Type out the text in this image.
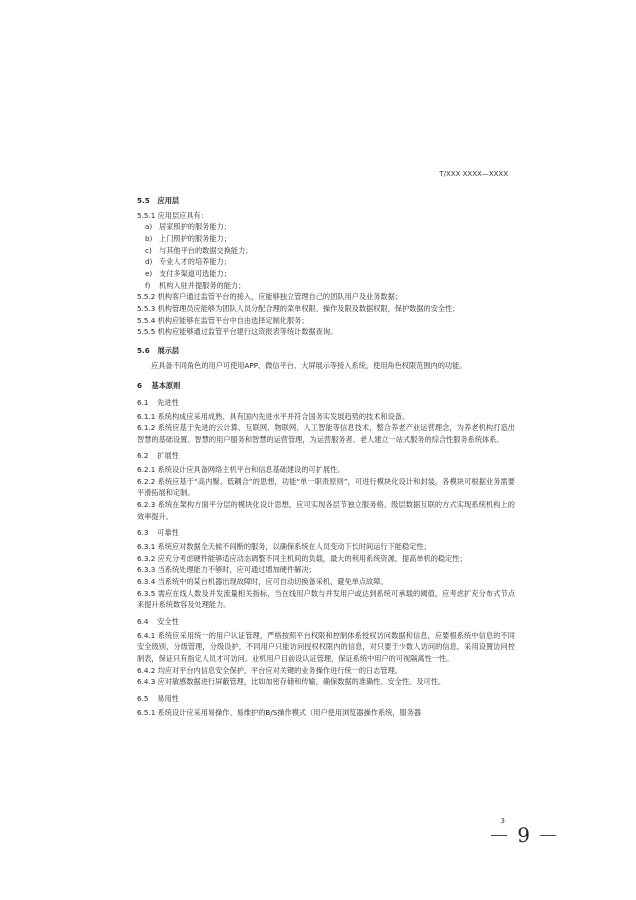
T/XXX XXXX—XXXX
5.5 应用层
5.5.1 应用层应具有：
a) 居家照护的服务能力；
b) 上门照护的服务能力；
c) 与其他平台的数据交换能力；
d) 专业人才的培养能力；
e) 支付多渠道可选能力；
f) 机构入驻并提服务的能力；
5.5.2 机构客户通过监管平台的接入，应能够独立管理自己的团队用户及业务数据；
5.5.3 机构管理员应能够为团队人员分配合理的菜单权限、操作及限及数据权限，保护数据的安全性；
5.5.4 机构应能够在监管平台中自由选择定制化服务；
5.5.5 机构应能够通过监管平台建行这资报表等统计数据查询。
5.6 展示层
应具备不同角色的用户可使用APP、微信平台、大屏展示等接入系统，使用角色权限范围内的功能。
6 基本原则
6.1 先进性
6.1.1 系统构成应采用成熟、具有国内先进水平并符合国务实发展趋势的技术和设备。
6.1.2 系统应基于先进的云计算、互联网、物联网、人工智能等信息技术，整合养老产业运营理念，为养老机构打造出智慧的基础设置、智慧的用户服务和智慧的运营管理，为运营服务者、老人建立一站式服务的综合性服务系统体系。
6.2 扩展性
6.2.1 系统设计应具备网络主机平台和信息基础建设的可扩展性。
6.2.2 系统应基于“高内聚、低耦合”的思想，功能“单一职责原则”，可进行模块化设计和封装，各模块可根据业务需要平滑拓展和定制。
6.2.3 系统在架构方面平分层的模块化设计思想，应可实现各层节独立服务格、级层数据互联的方式实现系统机构上的效率提升。
6.3 可靠性
6.3.1 系统应对数据全天候不间断的服务，以确保系统在人员变动下长时间运行下能稳定性；
6.3.2 应充分考虑硬件能够适应动态调整不同主机间的负载，最大的利用系统资源，提高单机的稳定性；
6.3.3 当系统处理能力不够时，应可通过增加硬件解决；
6.3.4 当系统中的某台机器出现故障时，应可自动切换备采机，避免单点故障。
6.3.5 需应在线人数及并发流量相关指标，当在线用户数与并发用户或达到系统可承载的阈值，应考虑扩充分布式节点来提升系统数容及处理能力。
6.4 安全性
6.4.1 系统应采用统一的用户认证管理，严格按照平台权限和控制体系授权访问数据和信息，应要根系统中信息的不同安全级别，分级管理，分级设护，不同用户只能访问授权权限内的信息，对只要于少数人访问的信息，采用设置访问控制表，保证只有指定人员才可访问。业机用户目前设认证管理，保证系统中用户的可视隔离性一性。
6.4.2 均应对平台内信息安全保护，平台应对关键的业务操作进行统一的日志管理。
6.4.3 应对敏感数据进行屏蔽管理，比如加密存储和传输，确保数据的准确性、安全性、及可性。
6.5 易用性
6.5.1 系统设计应采用易操作、易维护的B/S操作模式（用户使用浏览器操作系统，服务器
3
9
